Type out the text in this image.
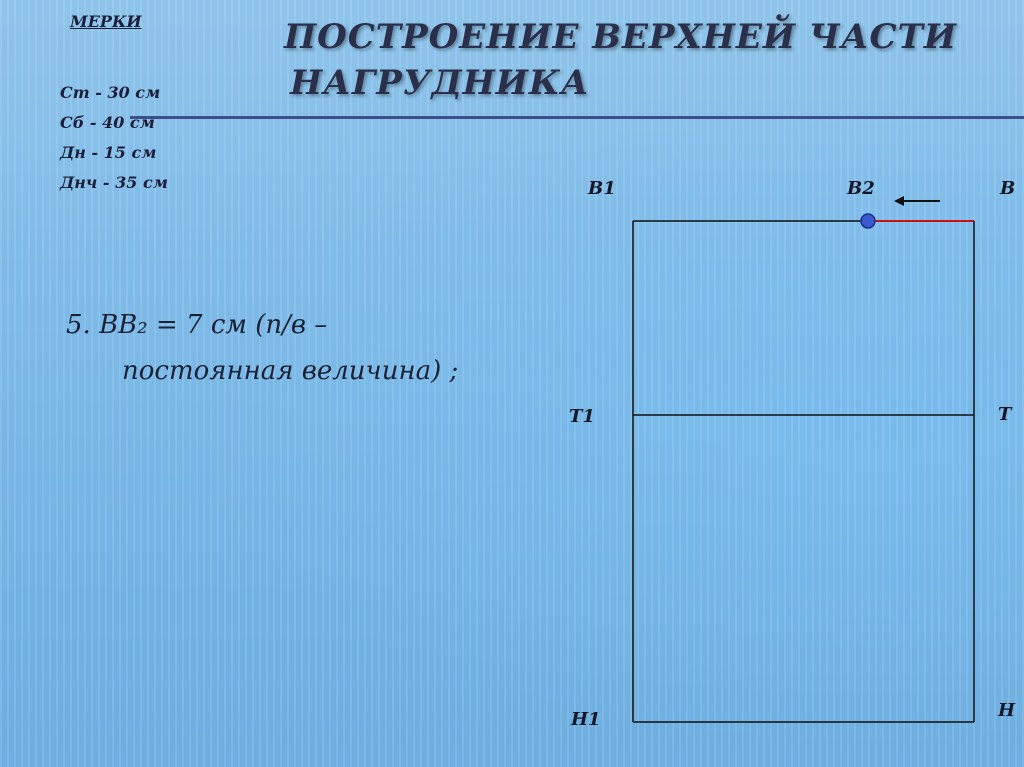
МЕРКИ
Ст - 30 см
Сб - 40 см
Дн - 15 см
Днч - 35 см
ПОСТРОЕНИЕ ВЕРХНЕЙ ЧАСТИ
НАГРУДНИКА
5. ВВ₂ = 7 см (п/в –
постоянная величина) ;
В1	В2	В
Т1	Т
Н1	Н
